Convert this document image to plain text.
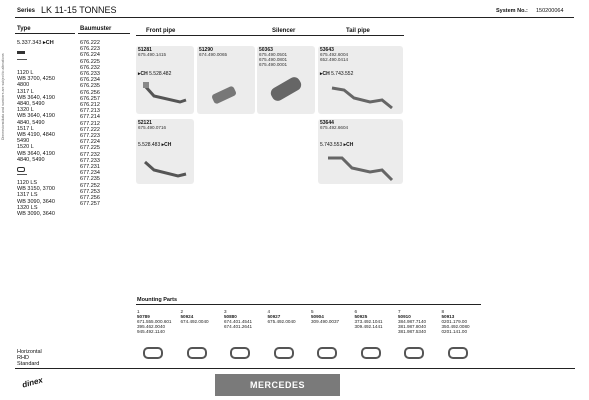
Dimensions/data and numbers are subject to alterations
Series LK 11-15 TONNES	System No.: 150200064
Type	Baumuster	Front pipe	Silencer	Tail pipe
5.337.343 ▸CH
1120 L
WB 3700, 4250
4800
1317 L
WB 3640, 4190
4840, 5490
1320 L
WB 3640, 4190
4840, 5490
1517 L
WB 4190, 4840
5490
1520 L
WB 3640, 4190
4840, 5490
1120 LS
WB 3150, 3700
1317 LS
WB 3090, 3640
1320 LS
WB 3090, 3640
676.222
676.223
676.224
676.225
676.232
676.233
676.234
676.235
676.256
676.257
676.212
677.213
677.214
677.212
677.222
677.223
677.224
677.225
677.232
677.233
677.231
677.234
677.235
677.252
677.253
677.256
677.257
51281
675.490.1415
51290
674.490.0065
50363
675.490.0501
675.490.0801
675.490.0001
53643
675.492.6004
652.490.0414
▸CH 5.528.482	▸CH 5.743.552
52121
675.490.0716
53644
675.492.6604
5.528.483 ▸CH	5.743.553 ▸CH
Mounting Parts
1
50789
671.555.000.601
395.462.0040
945.492.1140
2
50924
674.492.0040
3
50880
674.401.4541
674.401.2641
4
50927
675.492.0040
5
50904
309.490.0037
6
50925
373.492.1041
309.492.1441
7
50910
384.987.7140
381.987.8040
381.987.5340
8
50913
0201.179.00
350.492.0080
0201.141.00
Horizontal
RHD
Standard
dinex	MERCEDES
